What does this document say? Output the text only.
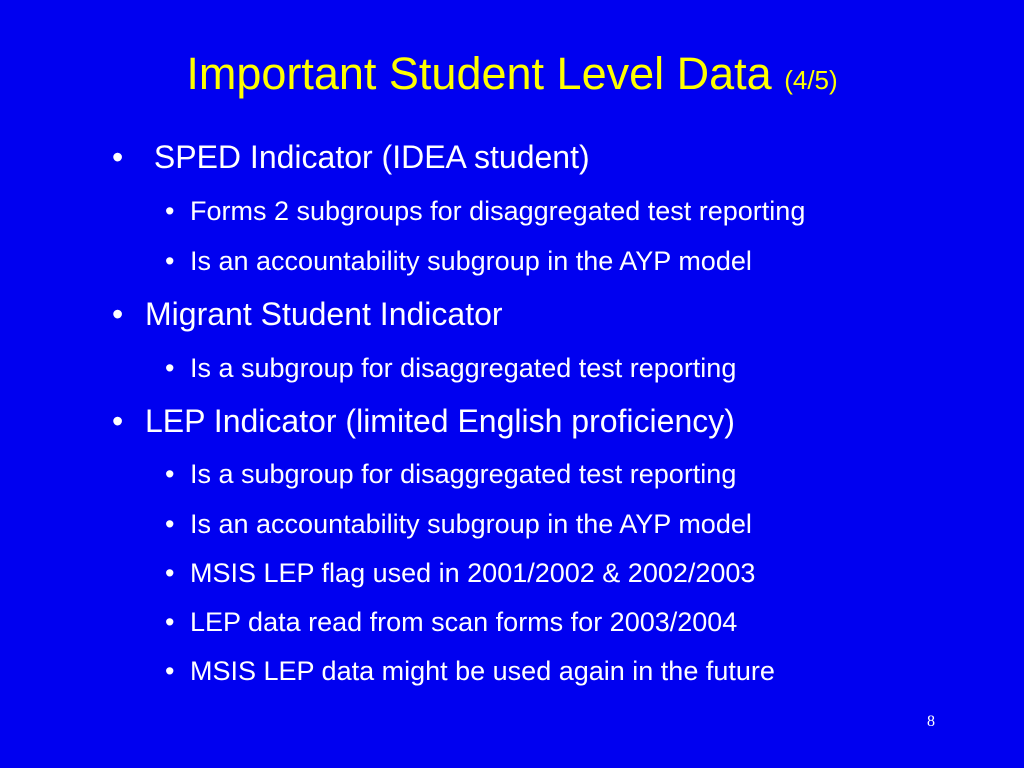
Important Student Level Data (4/5)
• SPED Indicator (IDEA student)
• Forms 2 subgroups for disaggregated test reporting
• Is an accountability subgroup in the AYP model
• Migrant Student Indicator
• Is a subgroup for disaggregated test reporting
• LEP Indicator (limited English proficiency)
• Is a subgroup for disaggregated test reporting
• Is an accountability subgroup in the AYP model
• MSIS LEP flag used in 2001/2002 & 2002/2003
• LEP data read from scan forms for 2003/2004
• MSIS LEP data might be used again in the future
8
